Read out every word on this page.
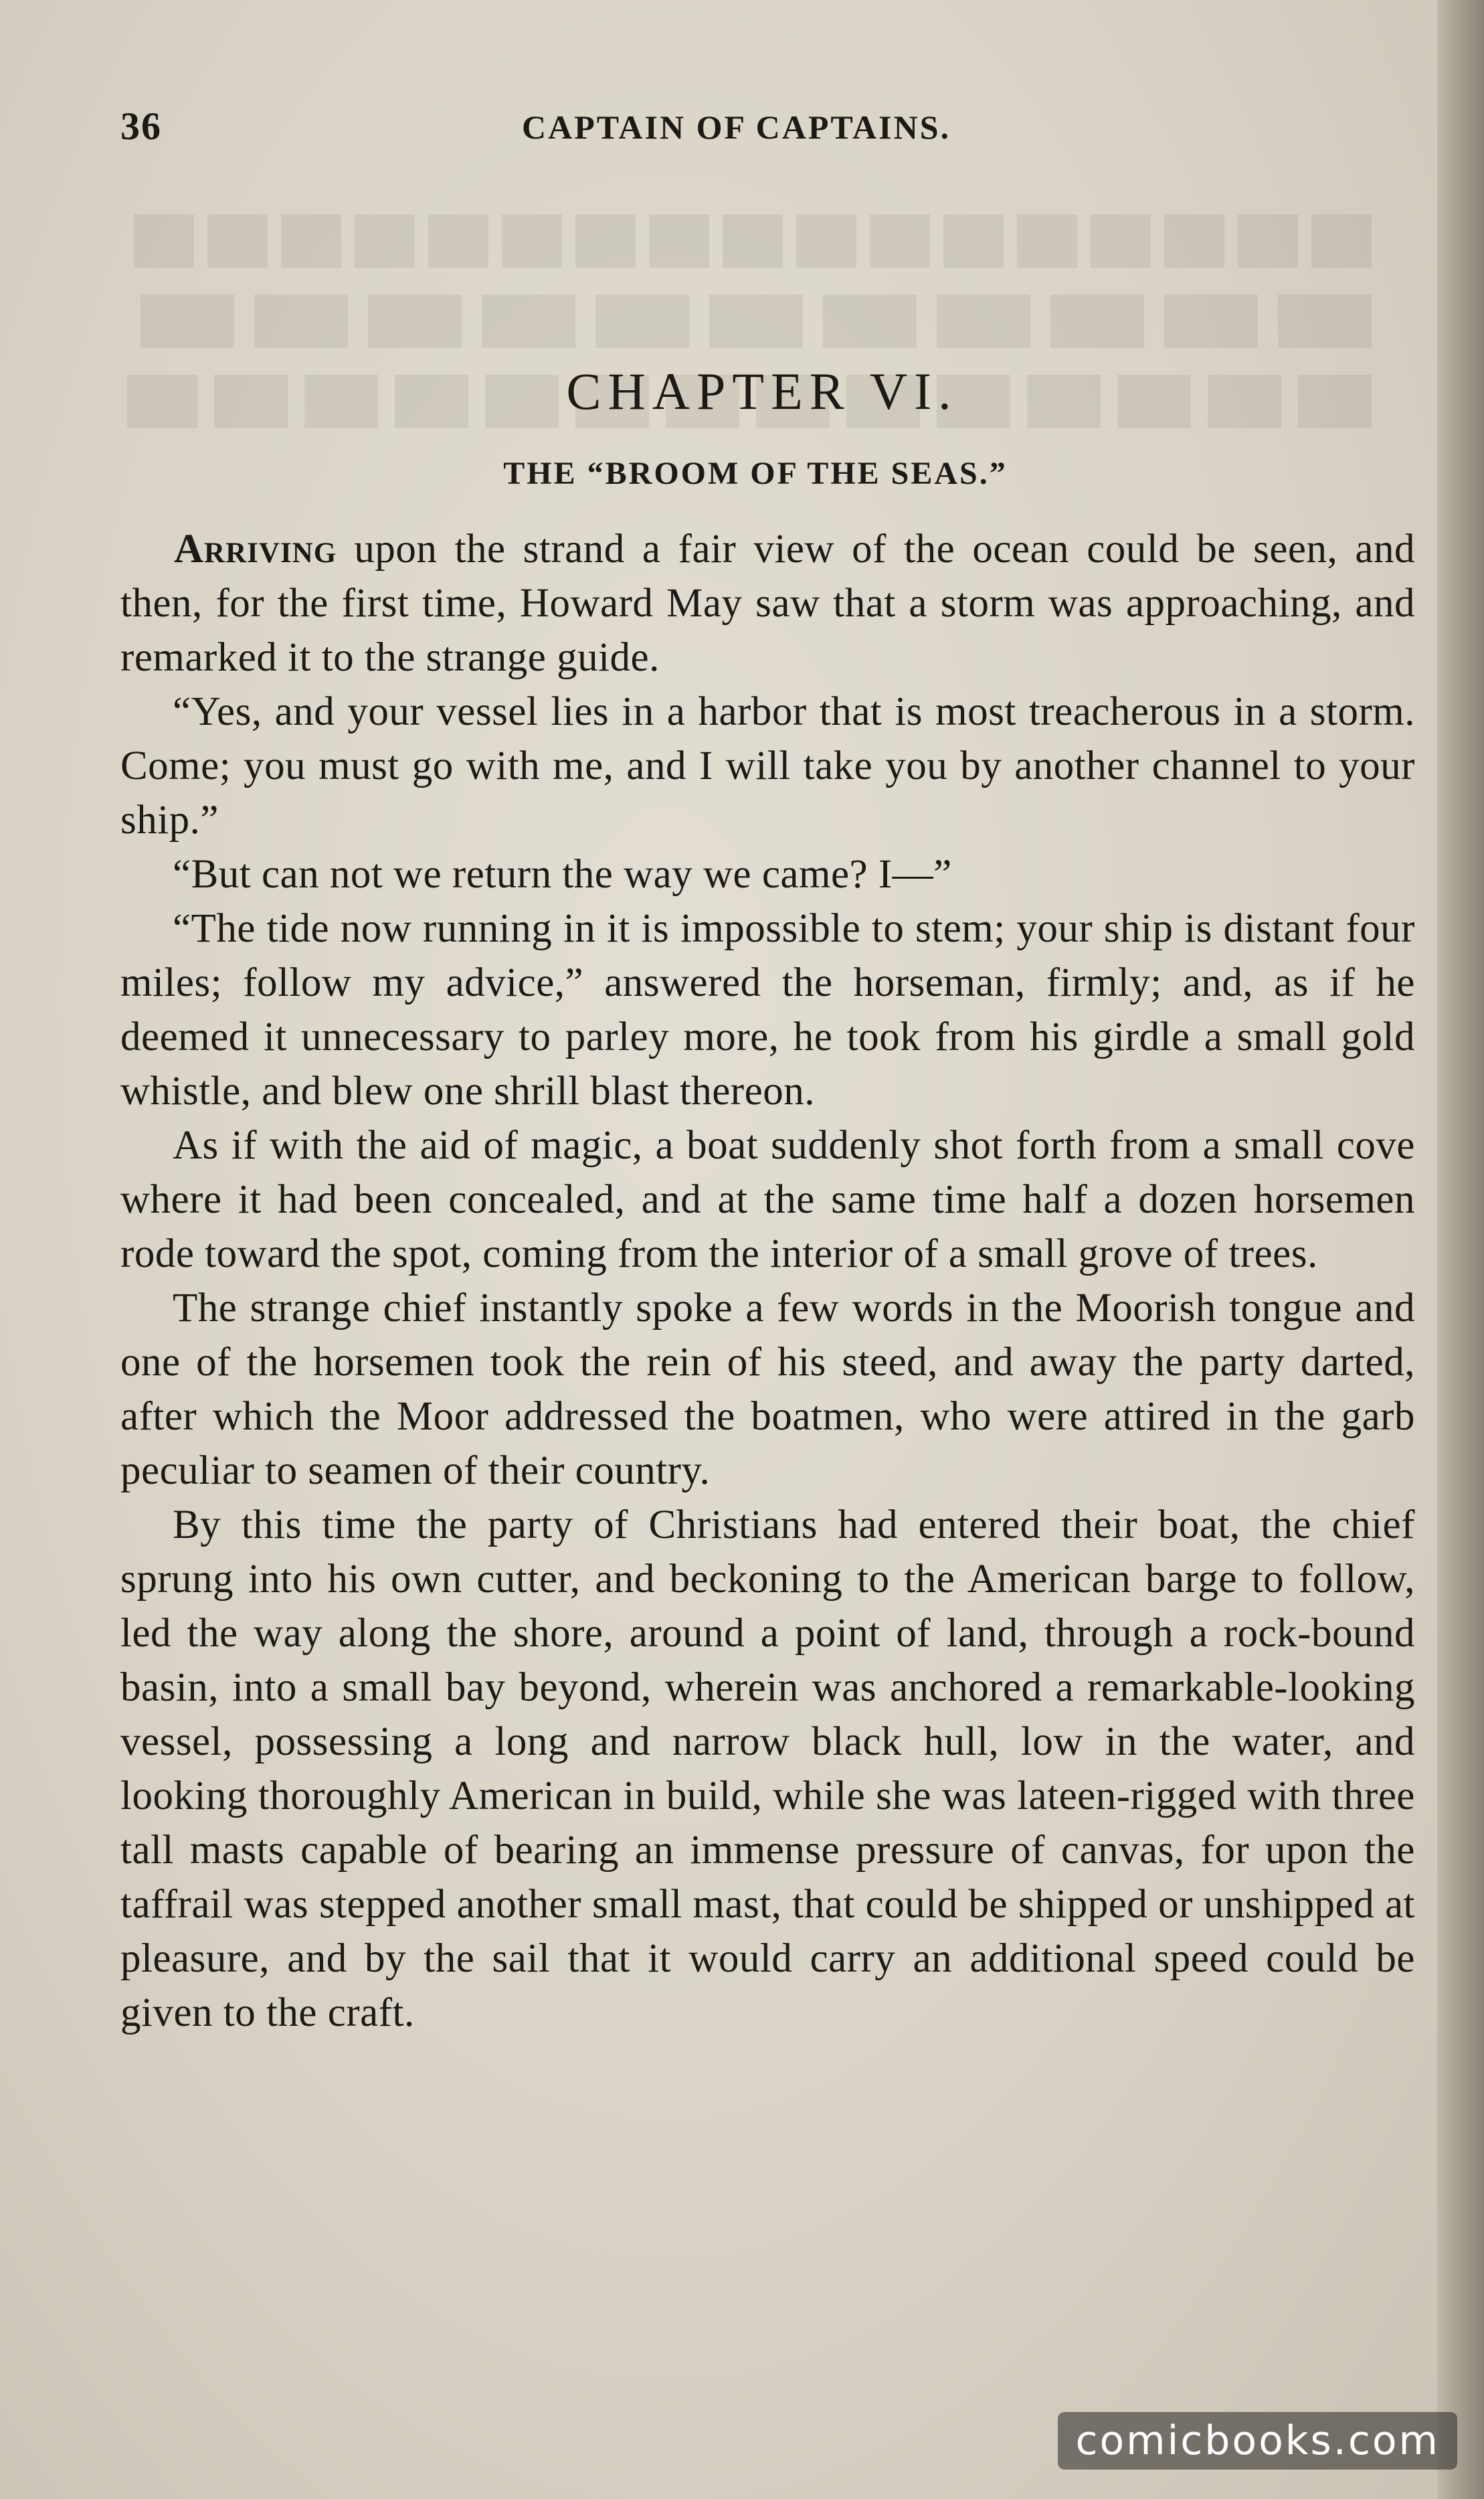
36	CAPTAIN OF CAPTAINS.
CHAPTER VI.
THE “BROOM OF THE SEAS.”

Arriving upon the strand a fair view of the ocean could be seen, and then, for the first time, Howard May saw that a storm was approaching, and remarked it to the strange guide.

“Yes, and your vessel lies in a harbor that is most treacherous in a storm. Come; you must go with me, and I will take you by another channel to your ship.”

“But can not we return the way we came? I—”

“The tide now running in it is impossible to stem; your ship is distant four miles; follow my advice,” answered the horseman, firmly; and, as if he deemed it unnecessary to parley more, he took from his girdle a small gold whistle, and blew one shrill blast thereon.

As if with the aid of magic, a boat suddenly shot forth from a small cove where it had been concealed, and at the same time half a dozen horsemen rode toward the spot, coming from the interior of a small grove of trees.

The strange chief instantly spoke a few words in the Moorish tongue and one of the horsemen took the rein of his steed, and away the party darted, after which the Moor addressed the boatmen, who were attired in the garb peculiar to seamen of their country.

By this time the party of Christians had entered their boat, the chief sprung into his own cutter, and beckoning to the American barge to follow, led the way along the shore, around a point of land, through a rock-bound basin, into a small bay beyond, wherein was anchored a remarkable-looking vessel, possessing a long and narrow black hull, low in the water, and looking thoroughly American in build, while she was lateen-rigged with three tall masts capable of bearing an immense pressure of canvas, for upon the taffrail was stepped another small mast, that could be shipped or unshipped at pleasure, and by the sail that it would carry an additional speed could be given to the craft.

comicbooks.com
